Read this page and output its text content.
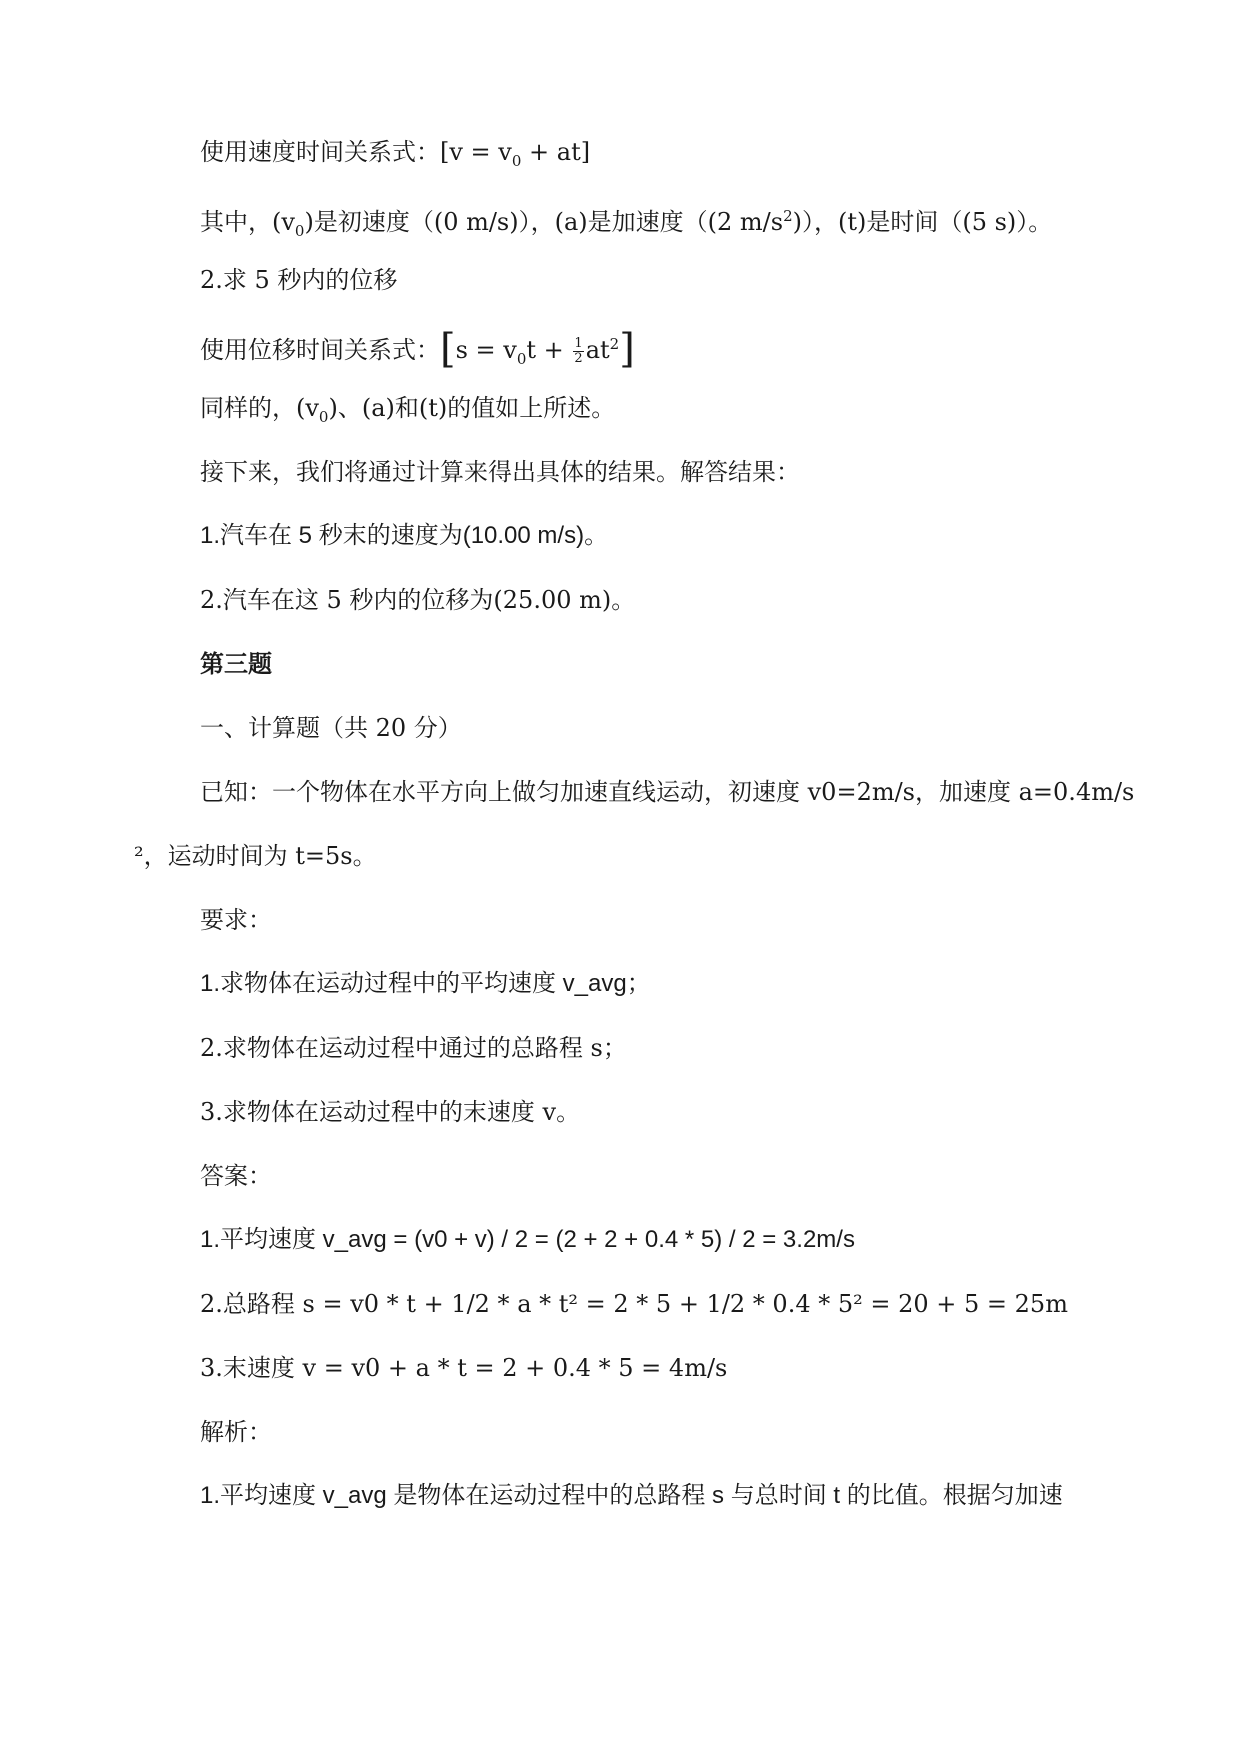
使用速度时间关系式：$[v = v_0 + at]$
其中，$(v_0)$是初速度（(0 m/s)），(a)是加速度（(2 $m/s^2$)），(t)是时间（(5 s)）。
2.求 5 秒内的位移
使用位移时间关系式：$[s = v_0t + \frac{1}{2} at^2]$
同样的，$(v_0)$、(a)和(t)的值如上所述。
接下来，我们将通过计算来得出具体的结果。解答结果：
1.汽车在 5 秒末的速度为(10.00 m/s)。
2.汽车在这 5 秒内的位移为(25.00 m)。
第三题
一、计算题（共 20 分）
已知：一个物体在水平方向上做匀加速直线运动，初速度 v0=2m/s，加速度 a=0.4m/s
²，运动时间为 t=5s。
要求：
1.求物体在运动过程中的平均速度 v_avg；
2.求物体在运动过程中通过的总路程 s；
3.求物体在运动过程中的末速度 v。
答案：
1.平均速度 v_avg = (v0 + v) / 2 = (2 + 2 + 0.4 * 5) / 2 = 3.2m/s
2.总路程 s = v0 * t + 1/2 * a * t² = 2 * 5 + 1/2 * 0.4 * 5² = 20 + 5 = 25m
3.末速度 v = v0 + a * t = 2 + 0.4 * 5 = 4m/s
解析：
1.平均速度 v_avg 是物体在运动过程中的总路程 s 与总时间 t 的比值。根据匀加速
